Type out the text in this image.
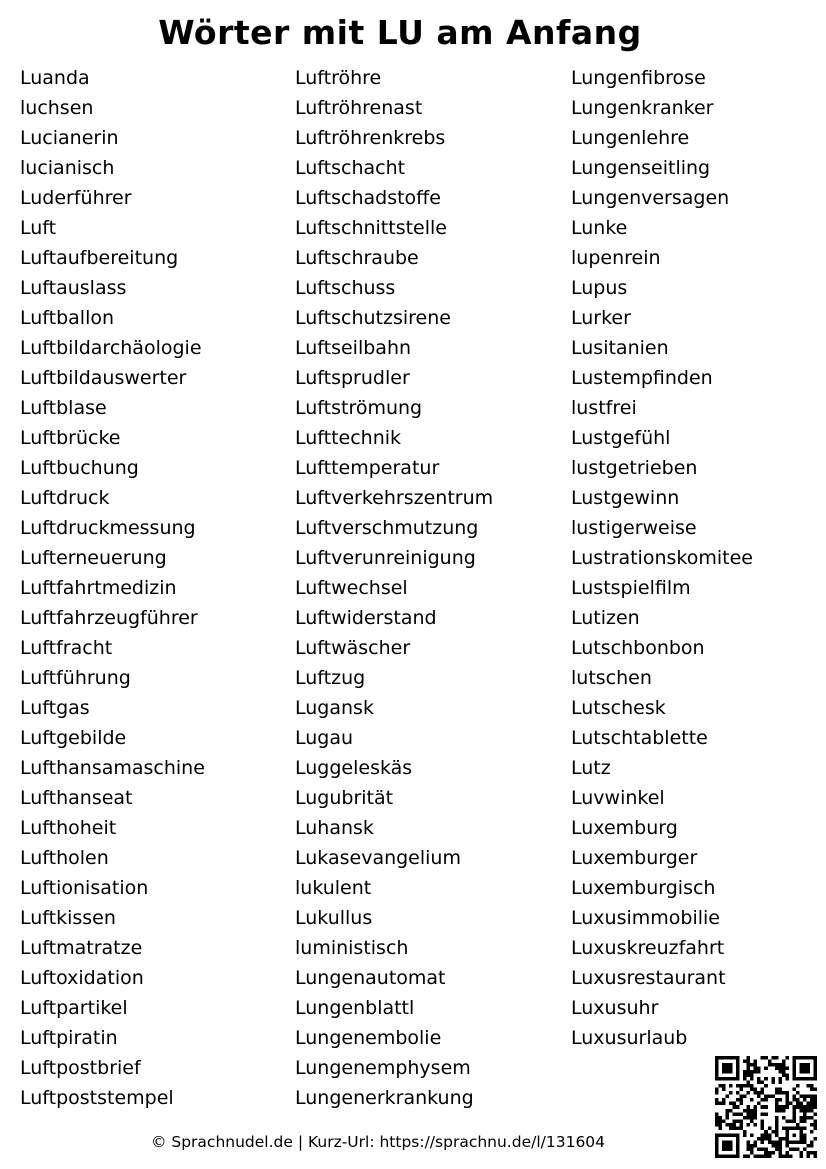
Wörter mit LU am Anfang
Luanda
luchsen
Lucianerin
lucianisch
Luderführer
Luft
Luftaufbereitung
Luftauslass
Luftballon
Luftbildarchäologie
Luftbildauswerter
Luftblase
Luftbrücke
Luftbuchung
Luftdruck
Luftdruckmessung
Lufterneuerung
Luftfahrtmedizin
Luftfahrzeugführer
Luftfracht
Luftführung
Luftgas
Luftgebilde
Lufthansamaschine
Lufthanseat
Lufthoheit
Luftholen
Luftionisation
Luftkissen
Luftmatratze
Luftoxidation
Luftpartikel
Luftpiratin
Luftpostbrief
Luftpoststempel
Luftröhre
Luftröhrenast
Luftröhrenkrebs
Luftschacht
Luftschadstoffe
Luftschnittstelle
Luftschraube
Luftschuss
Luftschutzsirene
Luftseilbahn
Luftsprudler
Luftströmung
Lufttechnik
Lufttemperatur
Luftverkehrszentrum
Luftverschmutzung
Luftverunreinigung
Luftwechsel
Luftwiderstand
Luftwäscher
Luftzug
Lugansk
Lugau
Luggeleskäs
Lugubrität
Luhansk
Lukasevangelium
lukulent
Lukullus
luministisch
Lungenautomat
Lungenblattl
Lungenembolie
Lungenemphysem
Lungenerkrankung
Lungenfibrose
Lungenkranker
Lungenlehre
Lungenseitling
Lungenversagen
Lunke
lupenrein
Lupus
Lurker
Lusitanien
Lustempfinden
lustfrei
Lustgefühl
lustgetrieben
Lustgewinn
lustigerweise
Lustrationskomitee
Lustspielfilm
Lutizen
Lutschbonbon
lutschen
Lutschesk
Lutschtablette
Lutz
Luvwinkel
Luxemburg
Luxemburger
Luxemburgisch
Luxusimmobilie
Luxuskreuzfahrt
Luxusrestaurant
Luxusuhr
Luxusurlaub
© Sprachnudel.de | Kurz-Url: https://sprachnu.de/l/131604
